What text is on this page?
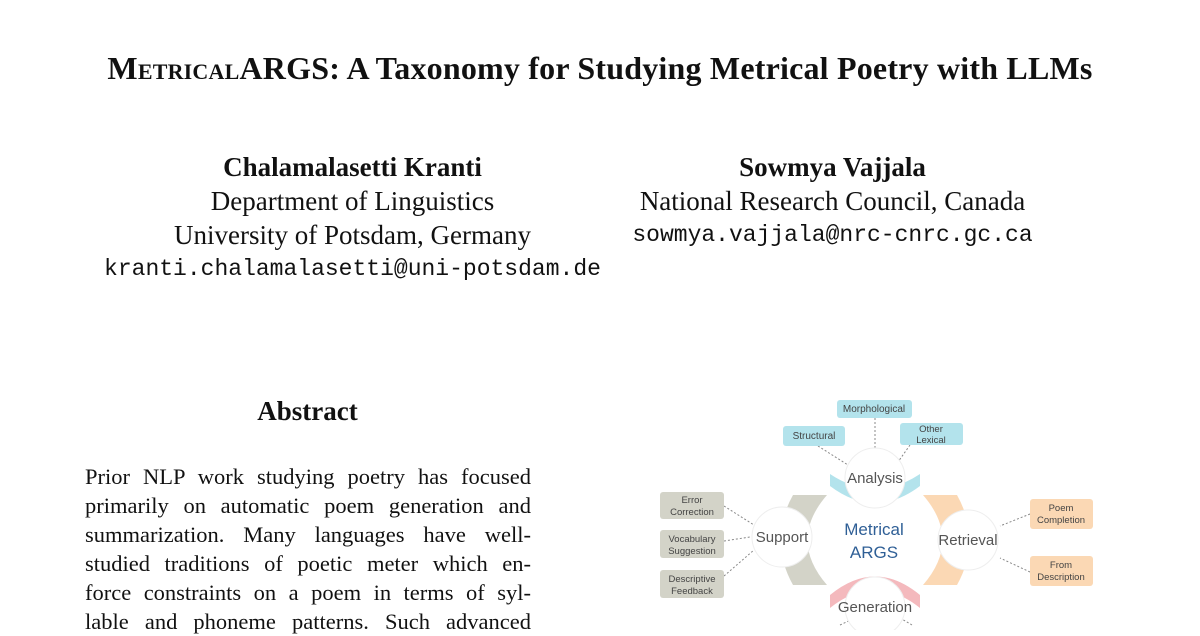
MetricalARGS: A Taxonomy for Studying Metrical Poetry with LLMs
Chalamalasetti Kranti
Department of Linguistics
University of Potsdam, Germany
kranti.chalamalasetti@uni-potsdam.de
Sowmya Vajjala
National Research Council, Canada
sowmya.vajjala@nrc-cnrc.gc.ca
Abstract
Prior NLP work studying poetry has focused
primarily on automatic poem generation and
summarization. Many languages have well-
studied traditions of poetic meter which en-
force constraints on a poem in terms of syl-
lable and phoneme patterns. Such advanced
Analysis
Support	Retrieval
Generation
Metrical
ARGS
Morphological
Structural
Other
Lexical
Error
Correction
Vocabulary
Suggestion
Descriptive
Feedback
Poem
Completion
From
Description
